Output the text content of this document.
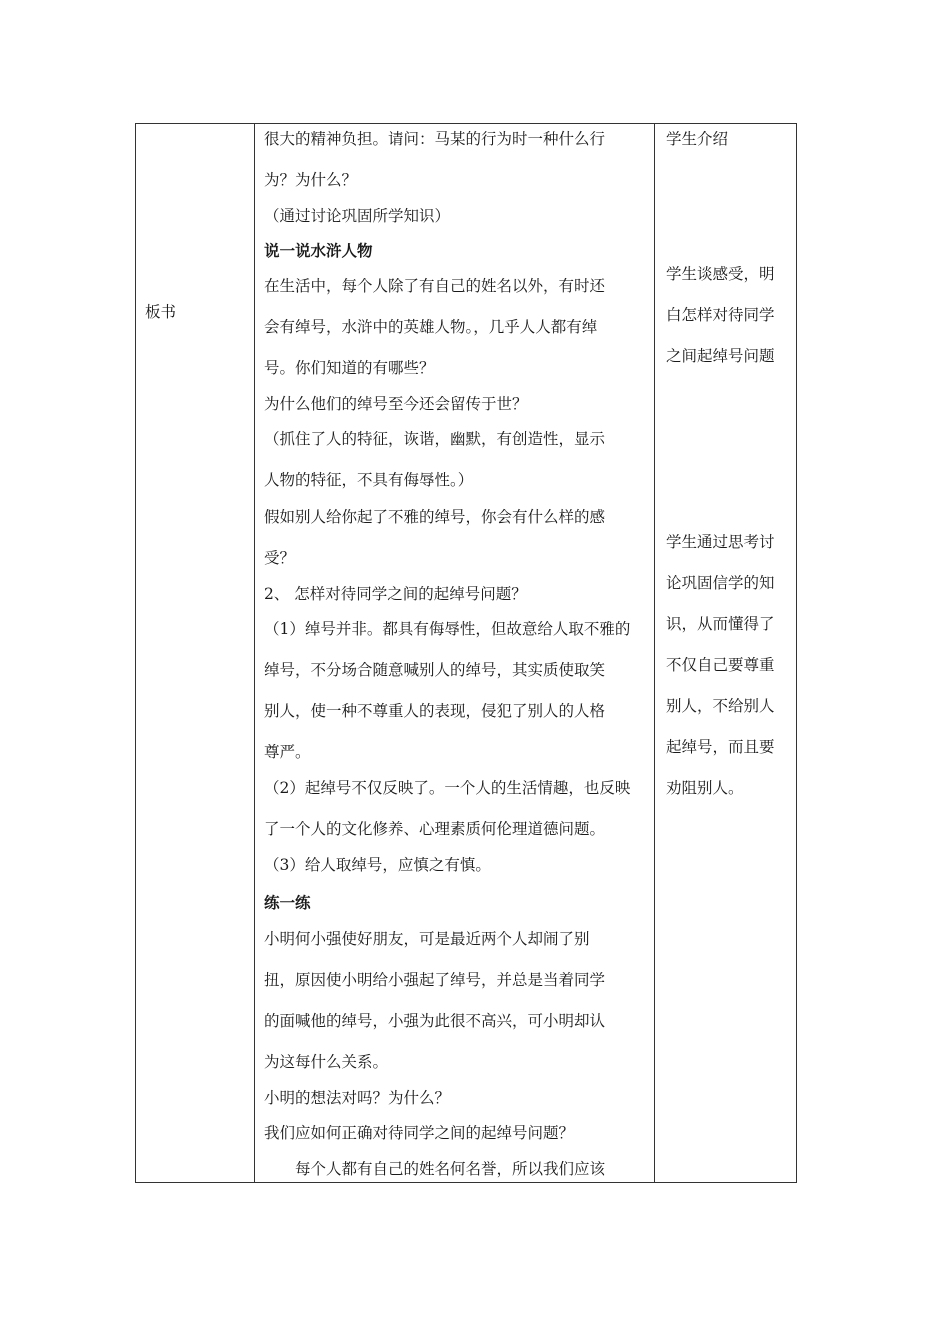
板书
很大的精神负担。请问：马某的行为时一种什么行
为？为什么？
（通过讨论巩固所学知识）
说一说水浒人物
在生活中，每个人除了有自己的姓名以外，有时还
会有绰号，水浒中的英雄人物。，几乎人人都有绰
号。你们知道的有哪些？
为什么他们的绰号至今还会留传于世？
（抓住了人的特征，诙谐，幽默，有创造性，显示
人物的特征，不具有侮辱性。）
假如别人给你起了不雅的绰号，你会有什么样的感
受？
2、 怎样对待同学之间的起绰号问题？
（1）绰号并非。都具有侮辱性，但故意给人取不雅的
绰号，不分场合随意喊别人的绰号，其实质使取笑
别人，使一种不尊重人的表现，侵犯了别人的人格
尊严。
（2）起绰号不仅反映了。一个人的生活情趣，也反映
了一个人的文化修养、心理素质何伦理道德问题。
（3）给人取绰号，应慎之有慎。
练一练
小明何小强使好朋友，可是最近两个人却闹了别
扭，原因使小明给小强起了绰号，并总是当着同学
的面喊他的绰号，小强为此很不高兴，可小明却认
为这每什么关系。
小明的想法对吗？为什么？
我们应如何正确对待同学之间的起绰号问题？
　　每个人都有自己的姓名何名誉，所以我们应该
学生介绍
学生谈感受，明
白怎样对待同学
之间起绰号问题
学生通过思考讨
论巩固信学的知
识，从而懂得了
不仅自己要尊重
别人，不给别人
起绰号，而且要
劝阻别人。
